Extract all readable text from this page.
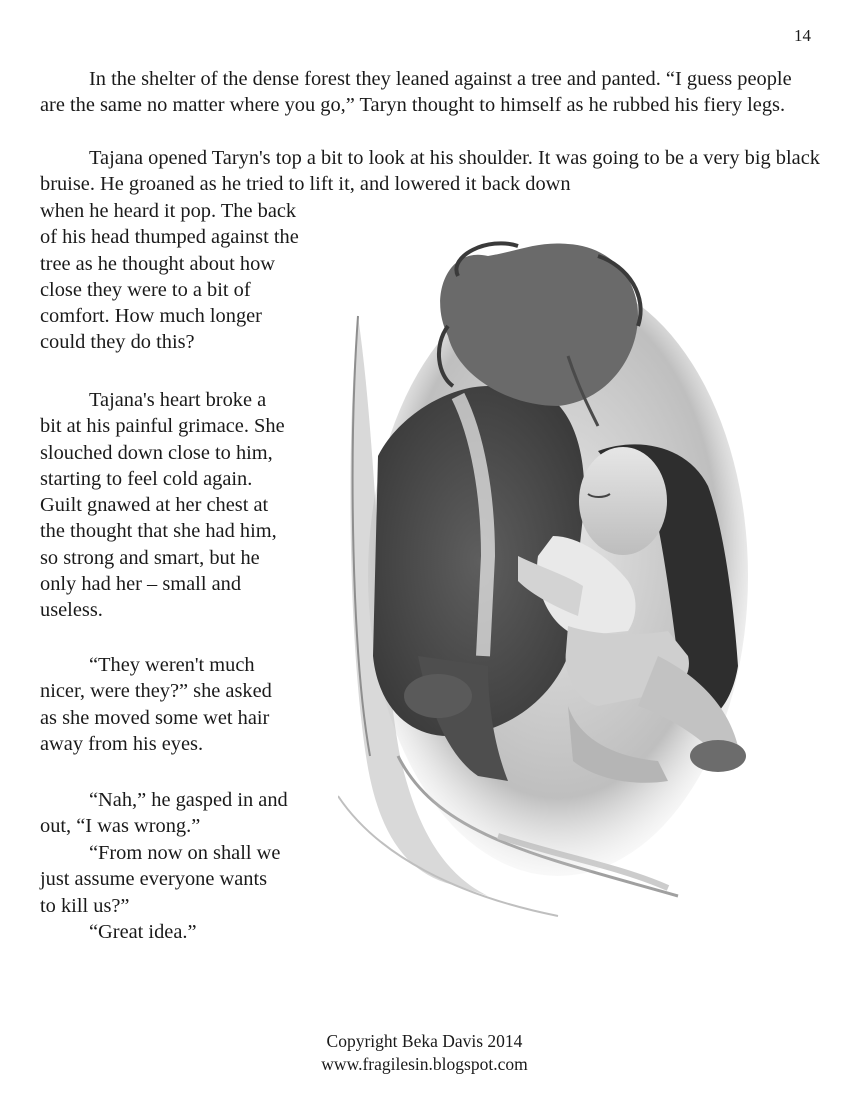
14

In the shelter of the dense forest they leaned against a tree and panted. “I guess people are the same no matter where you go,” Taryn thought to himself as he rubbed his fiery legs.

Tajana opened Taryn's top a bit to look at his shoulder. It was going to be a very big black bruise. He groaned as he tried to lift it, and lowered it back down

when he heard it pop. The back of his head thumped against the tree as he thought about how close they were to a bit of comfort. How much longer could they do this?

Tajana's heart broke a bit at his painful grimace. She slouched down close to him, starting to feel cold again. Guilt gnawed at her chest at the thought that she had him, so strong and smart, but he only had her – small and useless.

“They weren't much nicer, were they?” she asked as she moved some wet hair away from his eyes.

“Nah,” he gasped in and out, “I was wrong.”

“From now on shall we just assume everyone wants to kill us?”

“Great idea.”

Copyright Beka Davis 2014
www.fragilesin.blogspot.com
